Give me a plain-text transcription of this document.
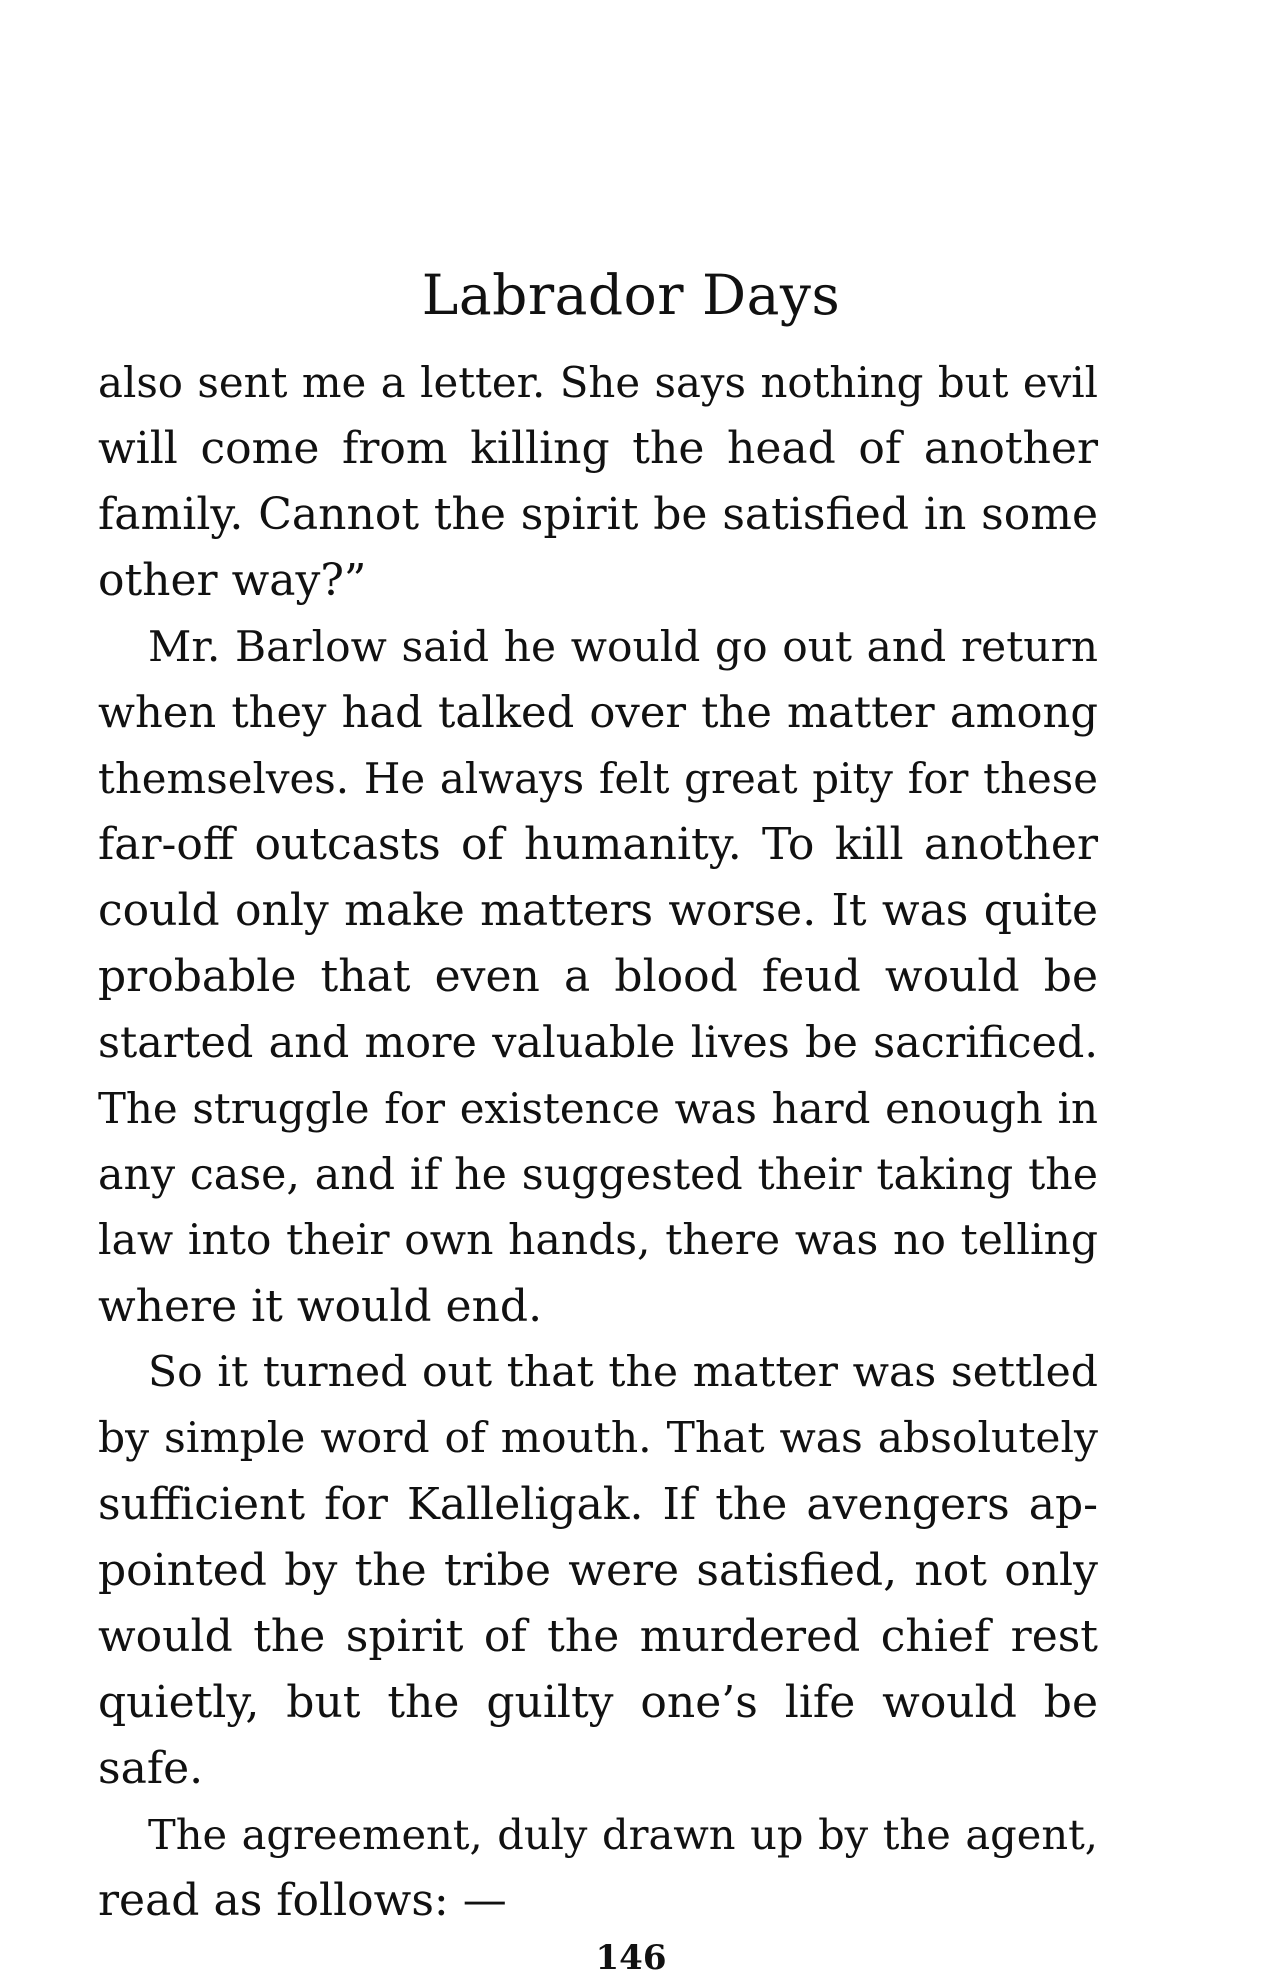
Labrador Days
also sent me a letter. She says nothing but evil
will come from killing the head of another
family. Cannot the spirit be satisfied in some
other way?”
Mr. Barlow said he would go out and return
when they had talked over the matter among
themselves. He always felt great pity for these
far-off outcasts of humanity. To kill another
could only make matters worse. It was quite
probable that even a blood feud would be
started and more valuable lives be sacrificed.
The struggle for existence was hard enough in
any case, and if he suggested their taking the
law into their own hands, there was no telling
where it would end.
So it turned out that the matter was settled
by simple word of mouth. That was absolutely
sufficient for Kalleligak. If the avengers ap-
pointed by the tribe were satisfied, not only
would the spirit of the murdered chief rest
quietly, but the guilty one’s life would be
safe.
The agreement, duly drawn up by the agent,
read as follows: —
146
